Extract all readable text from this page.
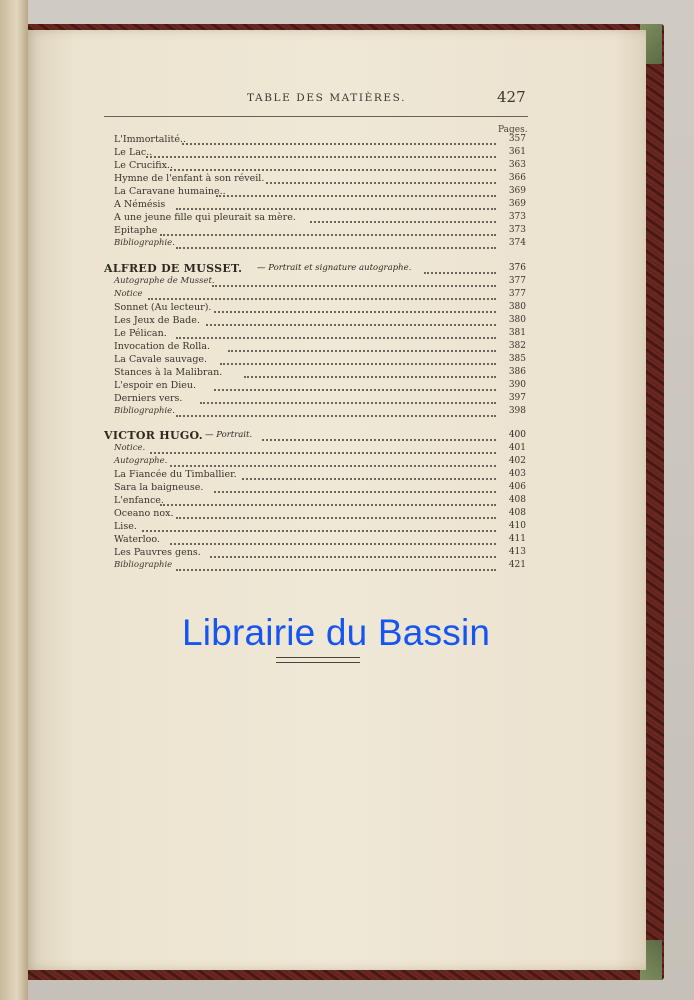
TABLE DES MATIÈRES.	427
Pages.
L'Immortalité..	357
Le Lac..	361
Le Crucifix..	363
Hymne de l'enfant à son réveil.	366
La Caravane humaine..	369
A Némésis	369
A une jeune fille qui pleurait sa mère.	373
Epitaphe	373
Bibliographie.	374
ALFRED DE MUSSET. — Portrait et signature autographe.	376
Autographe de Musset.	377
Notice	377
Sonnet (Au lecteur).	380
Les Jeux de Bade.	380
Le Pélican.	381
Invocation de Rolla.	382
La Cavale sauvage.	385
Stances à la Malibran.	386
L'espoir en Dieu.	390
Derniers vers.	397
Bibliographie.	398
VICTOR HUGO. — Portrait.	400
Notice.	401
Autographe.	402
La Fiancée du Timballier.	403
Sara la baigneuse.	406
L'enfance.	408
Oceano nox.	408
Lise.	410
Waterloo.	411
Les Pauvres gens.	413
Bibliographie	421
Librairie du Bassin
